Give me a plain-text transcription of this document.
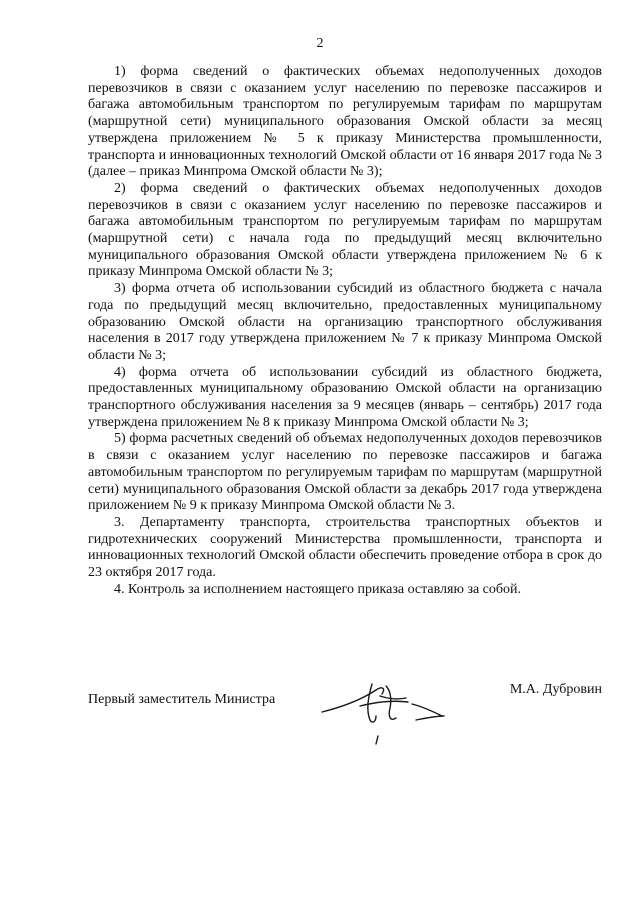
2

1) форма сведений о фактических объемах недополученных доходов перевозчиков в связи с оказанием услуг населению по перевозке пассажиров и багажа автомобильным транспортом по регулируемым тарифам по маршрутам (маршрутной сети) муниципального образования Омской области за месяц утверждена приложением № 5 к приказу Министерства промышленности, транспорта и инновационных технологий Омской области от 16 января 2017 года № 3 (далее – приказ Минпрома Омской области № 3);

2) форма сведений о фактических объемах недополученных доходов перевозчиков в связи с оказанием услуг населению по перевозке пассажиров и багажа автомобильным транспортом по регулируемым тарифам по маршрутам (маршрутной сети) с начала года по предыдущий месяц включительно муниципального образования Омской области утверждена приложением № 6 к приказу Минпрома Омской области № 3;

3) форма отчета об использовании субсидий из областного бюджета с начала года по предыдущий месяц включительно, предоставленных муниципальному образованию Омской области на организацию транспортного обслуживания населения в 2017 году утверждена приложением № 7 к приказу Минпрома Омской области № 3;

4) форма отчета об использовании субсидий из областного бюджета, предоставленных муниципальному образованию Омской области на организацию транспортного обслуживания населения за 9 месяцев (январь – сентябрь) 2017 года утверждена приложением № 8 к приказу Минпрома Омской области № 3;

5) форма расчетных сведений об объемах недополученных доходов перевозчиков в связи с оказанием услуг населению по перевозке пассажиров и багажа автомобильным транспортом по регулируемым тарифам по маршрутам (маршрутной сети) муниципального образования Омской области за декабрь 2017 года утверждена приложением № 9 к приказу Минпрома Омской области № 3.

3. Департаменту транспорта, строительства транспортных объектов и гидротехнических сооружений Министерства промышленности, транспорта и инновационных технологий Омской области обеспечить проведение отбора в срок до 23 октября 2017 года.

4. Контроль за исполнением настоящего приказа оставляю за собой.

Первый заместитель Министра
М.А. Дубровин
